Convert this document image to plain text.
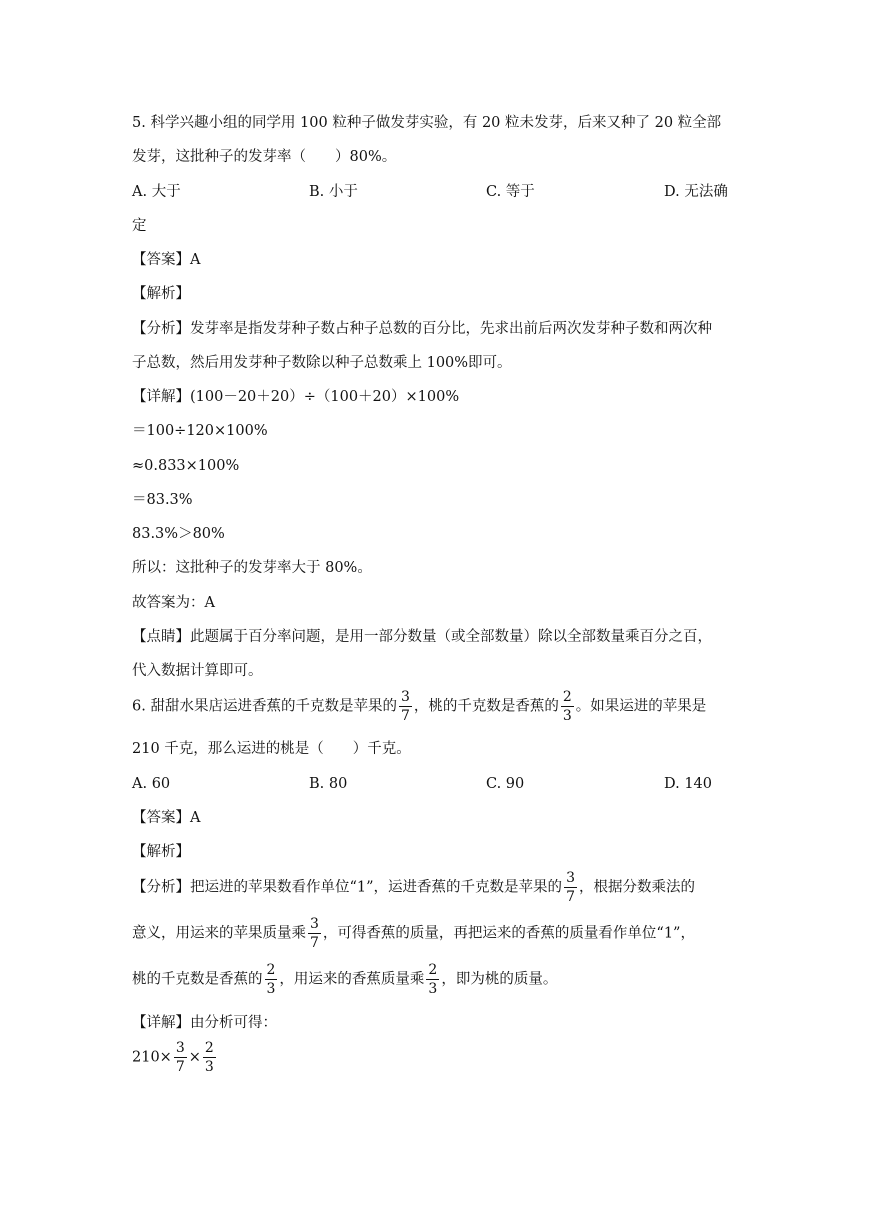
5. 科学兴趣小组的同学用 100 粒种子做发芽实验，有 20 粒未发芽，后来又种了 20 粒全部
发芽，这批种子的发芽率（　　）80%。
A. 大于	B. 小于	C. 等于	D. 无法确
定
【答案】A
【解析】
【分析】发芽率是指发芽种子数占种子总数的百分比，先求出前后两次发芽种子数和两次种
子总数，然后用发芽种子数除以种子总数乘上 100%即可。
【详解】(100－20＋20）÷（100＋20）×100%
＝100÷120×100%
≈0.833×100%
＝83.3%
83.3%＞80%
所以：这批种子的发芽率大于 80%。
故答案为：A
【点睛】此题属于百分率问题，是用一部分数量（或全部数量）除以全部数量乘百分之百，
代入数据计算即可。
6. 甜甜水果店运进香蕉的千克数是苹果的 $\frac{3}{7}$ ，桃的千克数是香蕉的 $\frac{2}{3}$ 。如果运进的苹果是
210 千克，那么运进的桃是（　　）千克。
A. 60	B. 80	C. 90	D. 140
【答案】A
【解析】
【分析】把运进的苹果数看作单位“1”，运进香蕉的千克数是苹果的 $\frac{3}{7}$ ，根据分数乘法的
意义，用运来的苹果质量乘 $\frac{3}{7}$ ，可得香蕉的质量，再把运来的香蕉的质量看作单位“1”，
桃的千克数是香蕉的 $\frac{2}{3}$ ，用运来的香蕉质量乘 $\frac{2}{3}$ ，即为桃的质量。
【详解】由分析可得：
$210\times \frac{3}{7} \times \frac{2}{3}$
